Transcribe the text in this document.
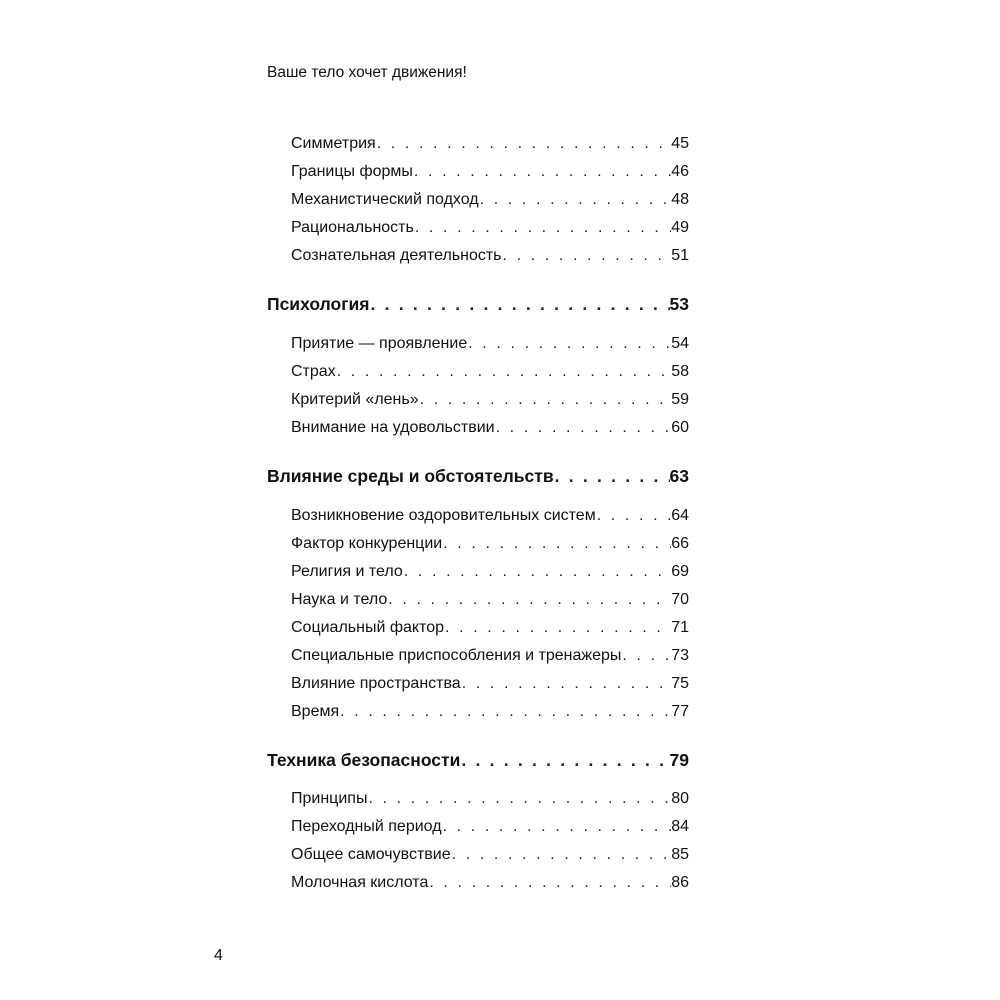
Ваше тело хочет движения!
Симметрия . . .	45
Границы формы . . .	46
Механистический подход . . .	48
Рациональность . . .	49
Сознательная деятельность . . .	51
Психология . . .	53
Приятие — проявление . . .	54
Страх . . .	58
Критерий «лень» . . .	59
Внимание на удовольствии . . .	60
Влияние среды и обстоятельств . . .	63
Возникновение оздоровительных систем . . .	64
Фактор конкуренции . . .	66
Религия и тело . . .	69
Наука и тело . . .	70
Социальный фактор . . .	71
Специальные приспособления и тренажеры . . .	73
Влияние пространства . . .	75
Время . . .	77
Техника безопасности . . .	79
Принципы . . .	80
Переходный период . . .	84
Общее самочувствие . . .	85
Молочная кислота . . .	86
4
